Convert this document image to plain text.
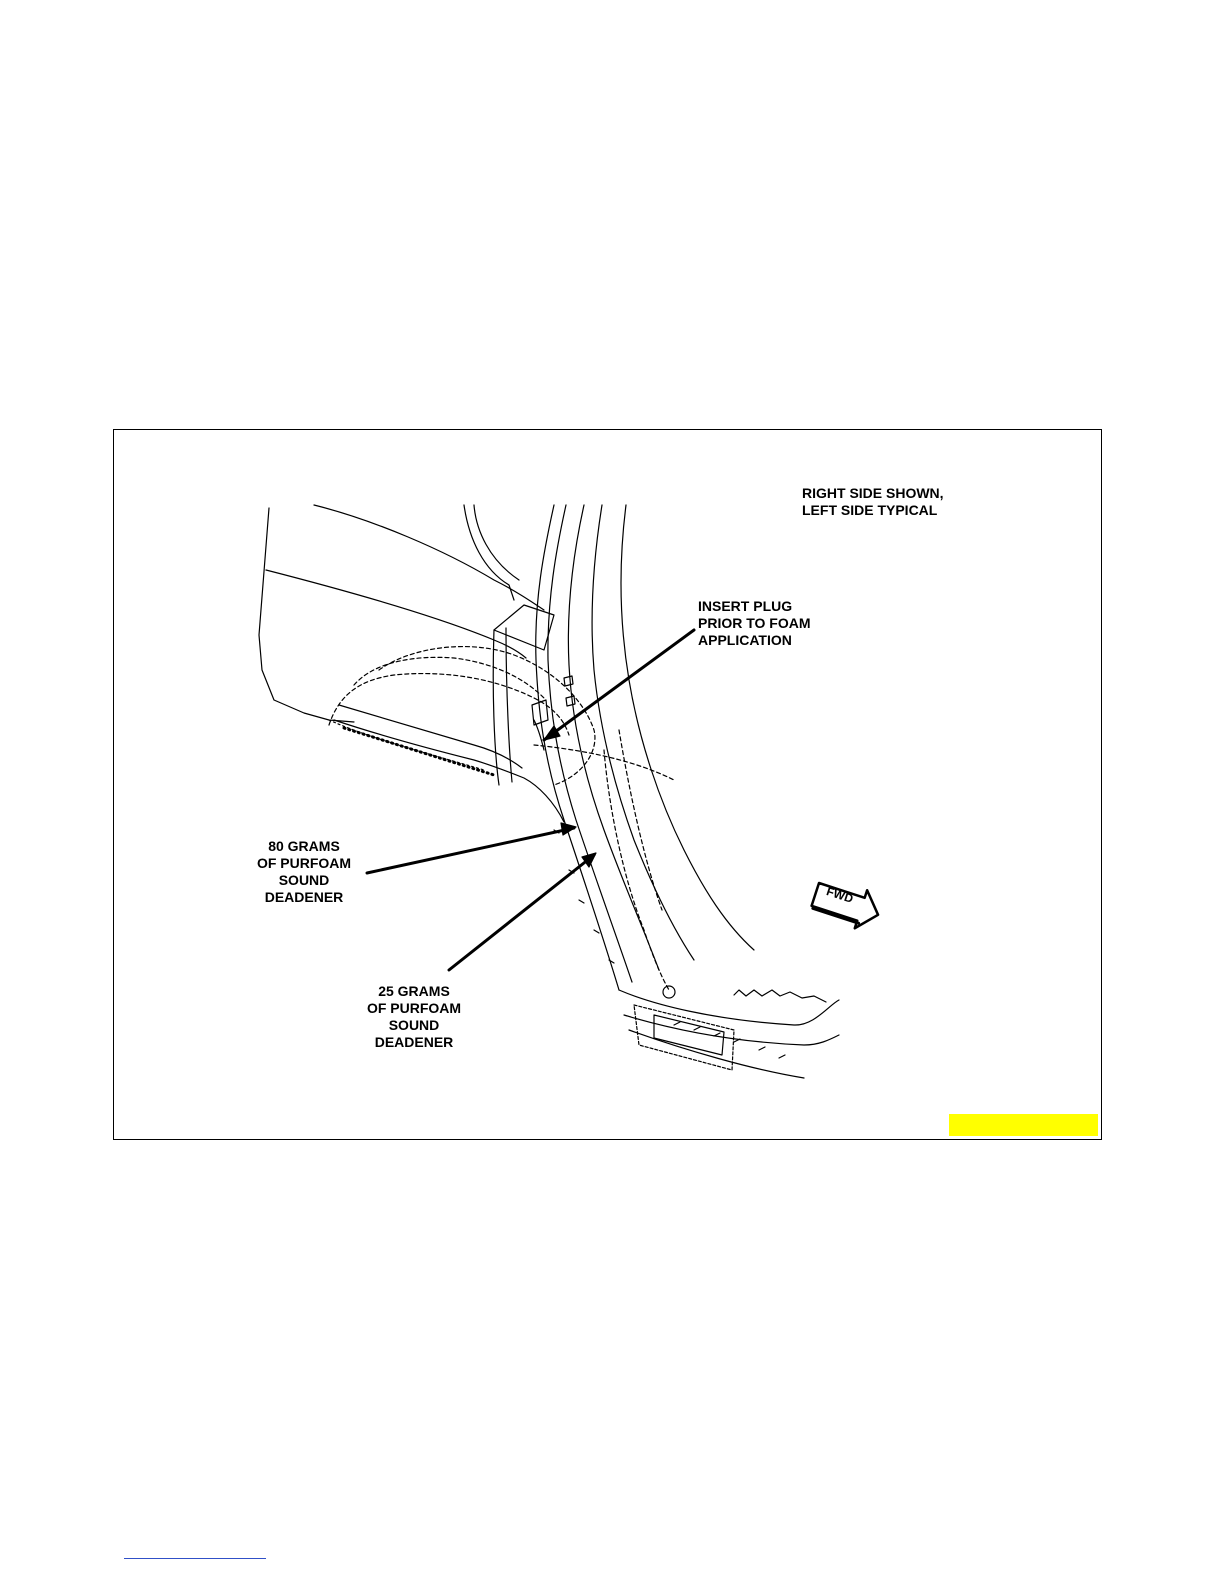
RIGHT SIDE SHOWN,
LEFT SIDE TYPICAL
INSERT PLUG
PRIOR TO FOAM
APPLICATION
80 GRAMS
OF PURFOAM
SOUND
DEADENER
25 GRAMS
OF PURFOAM
SOUND
DEADENER
FWD
